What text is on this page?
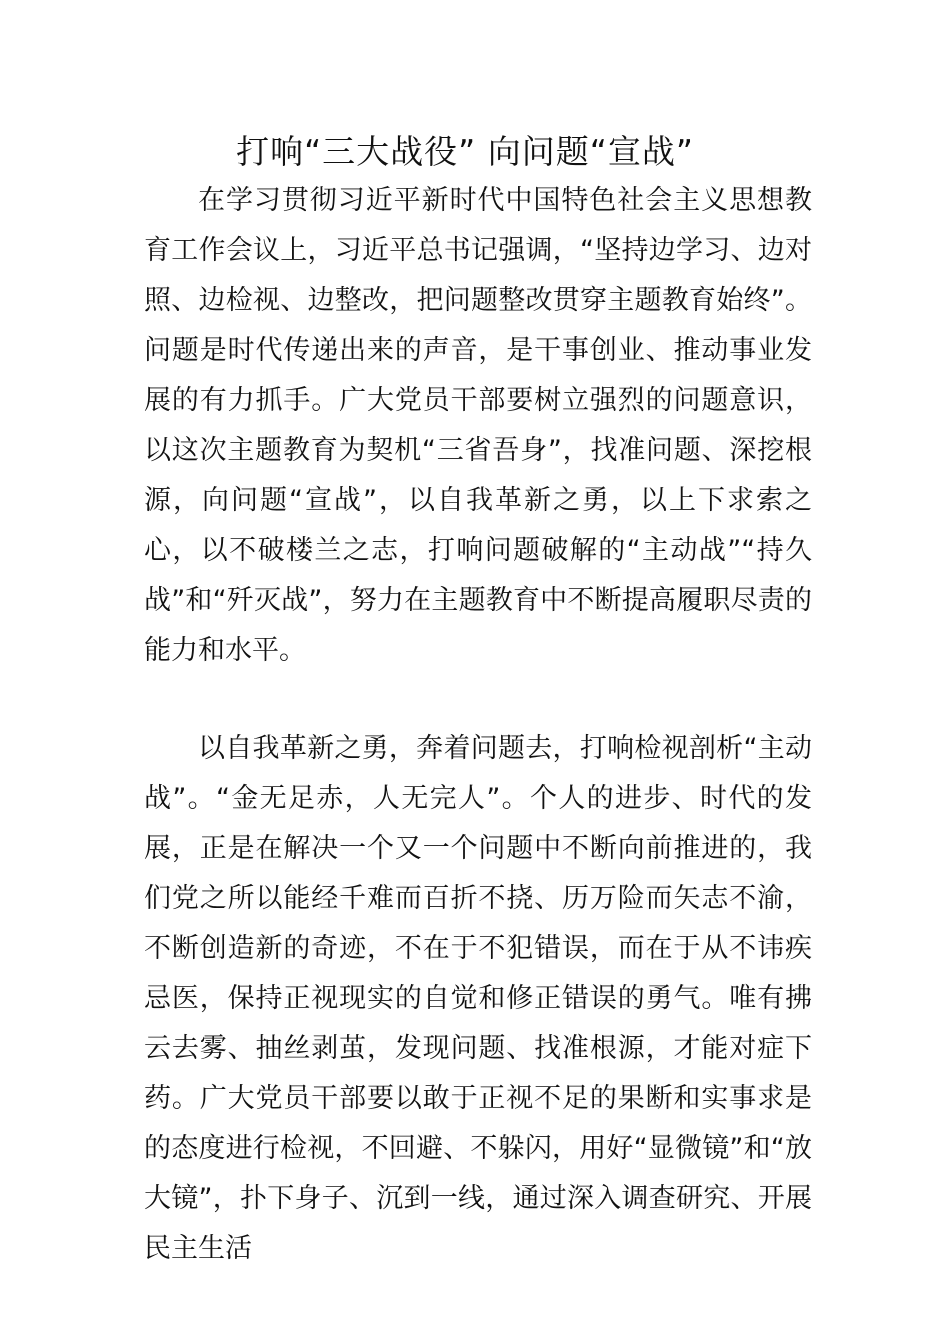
打响“三大战役” 向问题“宣战”

在学习贯彻习近平新时代中国特色社会主义思想教育工作会议上，习近平总书记强调，“坚持边学习、边对照、边检视、边整改，把问题整改贯穿主题教育始终”。问题是时代传递出来的声音，是干事创业、推动事业发展的有力抓手。广大党员干部要树立强烈的问题意识，以这次主题教育为契机“三省吾身”，找准问题、深挖根源，向问题“宣战”，以自我革新之勇，以上下求索之心，以不破楼兰之志，打响问题破解的“主动战”“持久战”和“歼灭战”，努力在主题教育中不断提高履职尽责的能力和水平。

以自我革新之勇，奔着问题去，打响检视剖析“主动战”。“金无足赤，人无完人”。个人的进步、时代的发展，正是在解决一个又一个问题中不断向前推进的，我们党之所以能经千难而百折不挠、历万险而矢志不渝，不断创造新的奇迹，不在于不犯错误，而在于从不讳疾忌医，保持正视现实的自觉和修正错误的勇气。唯有拂云去雾、抽丝剥茧，发现问题、找准根源，才能对症下药。广大党员干部要以敢于正视不足的果断和实事求是的态度进行检视，不回避、不躲闪，用好“显微镜”和“放大镜”，扑下身子、沉到一线，通过深入调查研究、开展民主生活
